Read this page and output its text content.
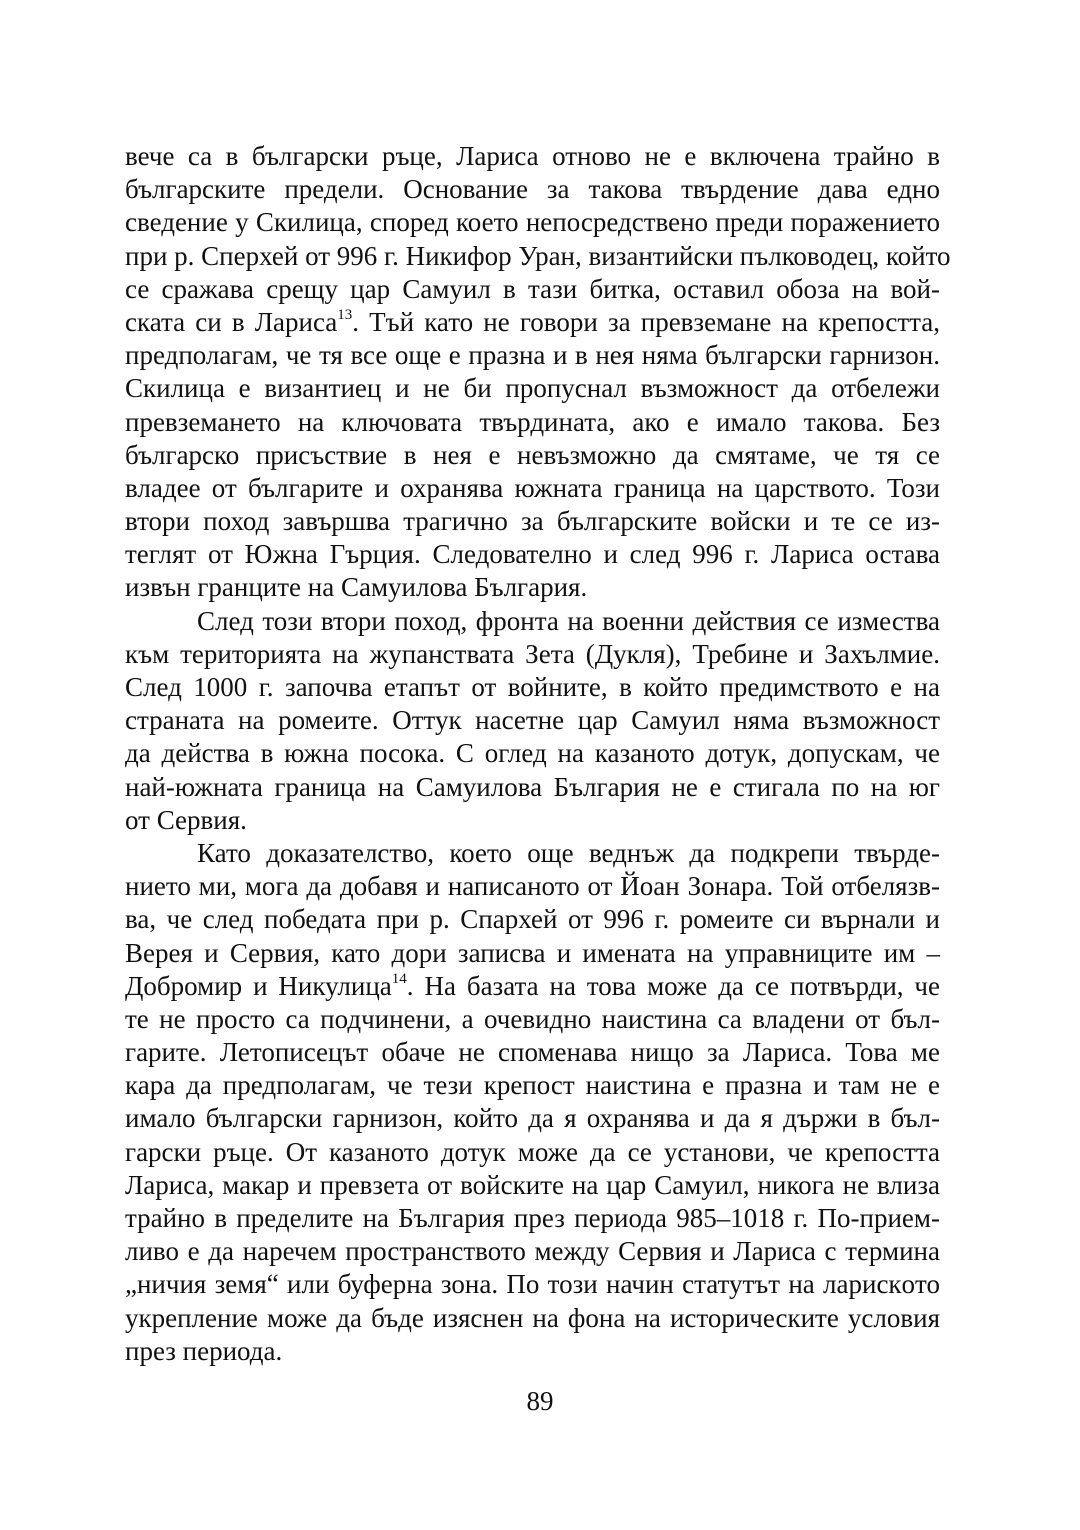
вече са в български ръце, Лариса отново не е включена трайно в
българските предели. Основание за такова твърдение дава едно
сведение у Скилица, според което непосредствено преди поражението
при р. Сперхей от 996 г. Никифор Уран, византийски пълководец, който
се сражава срещу цар Самуил в тази битка, оставил обоза на вой-
ската си в Лариса$^{13}$. Тъй като не говори за превземане на крепостта,
предполагам, че тя все още е празна и в нея няма български гарнизон.
Скилица е византиец и не би пропуснал възможност да отбележи
превземането на ключовата твърдината, ако е имало такова. Без
българско присъствие в нея е невъзможно да смятаме, че тя се
владее от българите и охранява южната граница на царството. Този
втори поход завършва трагично за българските войски и те се из-
теглят от Южна Гърция. Следователно и след 996 г. Лариса остава
извън гранците на Самуилова България.
След този втори поход, фронта на военни действия се измества
към територията на жупанствата Зета (Дукля), Требине и Захълмие.
След 1000 г. започва етапът от войните, в който предимството е на
страната на ромеите. Оттук насетне цар Самуил няма възможност
да действа в южна посока. С оглед на казаното дотук, допускам, че
най-южната граница на Самуилова България не е стигала по на юг
от Сервия.
Като доказателство, което още веднъж да подкрепи твърде-
нието ми, мога да добавя и написаното от Йоан Зонара. Той отбелязв-
ва, че след победата при р. Спархей от 996 г. ромеите си върнали и
Верея и Сервия, като дори записва и имената на управниците им –
Добромир и Никулица$^{14}$. На базата на това може да се потвърди, че
те не просто са подчинени, а очевидно наистина са владени от бъл-
гарите. Летописецът обаче не споменава нищо за Лариса. Това ме
кара да предполагам, че тези крепост наистина е празна и там не е
имало български гарнизон, който да я охранява и да я държи в бъл-
гарски ръце. От казаното дотук може да се установи, че крепостта
Лариса, макар и превзета от войските на цар Самуил, никога не влиза
трайно в пределите на България през периода 985–1018 г. По-прием-
ливо е да наречем пространството между Сервия и Лариса с термина
„ничия земя“ или буферна зона. По този начин статутът на ларискoто
укрепление може да бъде изяснен на фона на историческите условия
през периода.
89
